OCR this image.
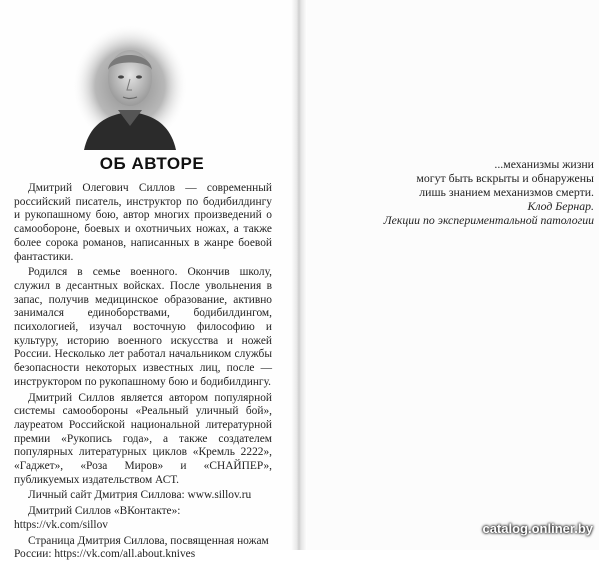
ОБ АВТОРЕ

Дмитрий Олегович Силлов — современный российский писатель, инструктор по бодибилдингу и рукопашному бою, автор многих произведений о самообороне, боевых и охотничьих ножах, а также более сорока романов, написанных в жанре боевой фантастики.

Родился в семье военного. Окончив школу, служил в десантных войсках. После увольнения в запас, получив медицинское образование, активно занимался единоборствами, бодибилдингом, психологией, изучал восточную философию и культуру, историю военного искусства и ножей России. Несколько лет работал начальником службы безопасности некоторых известных лиц, после — инструктором по рукопашному бою и бодибилдингу.

Дмитрий Силлов является автором популярной системы самообороны «Реальный уличный бой», лауреатом Российской национальной литературной премии «Рукопись года», а также создателем популярных литературных циклов «Кремль 2222», «Гаджет», «Роза Миров» и «СНАЙПЕР», публикуемых издательством АСТ.

Личный сайт Дмитрия Силлова: www.sillov.ru

Дмитрий Силлов «ВКонтакте»: https://vk.com/sillov

Страница Дмитрия Силлова, посвященная ножам России: https://vk.com/all.about.knives

...механизмы жизни
могут быть вскрыты и обнаружены
лишь знанием механизмов смерти.
Клод Бернар.
Лекции по экспериментальной патологии
catalog.onliner.by
